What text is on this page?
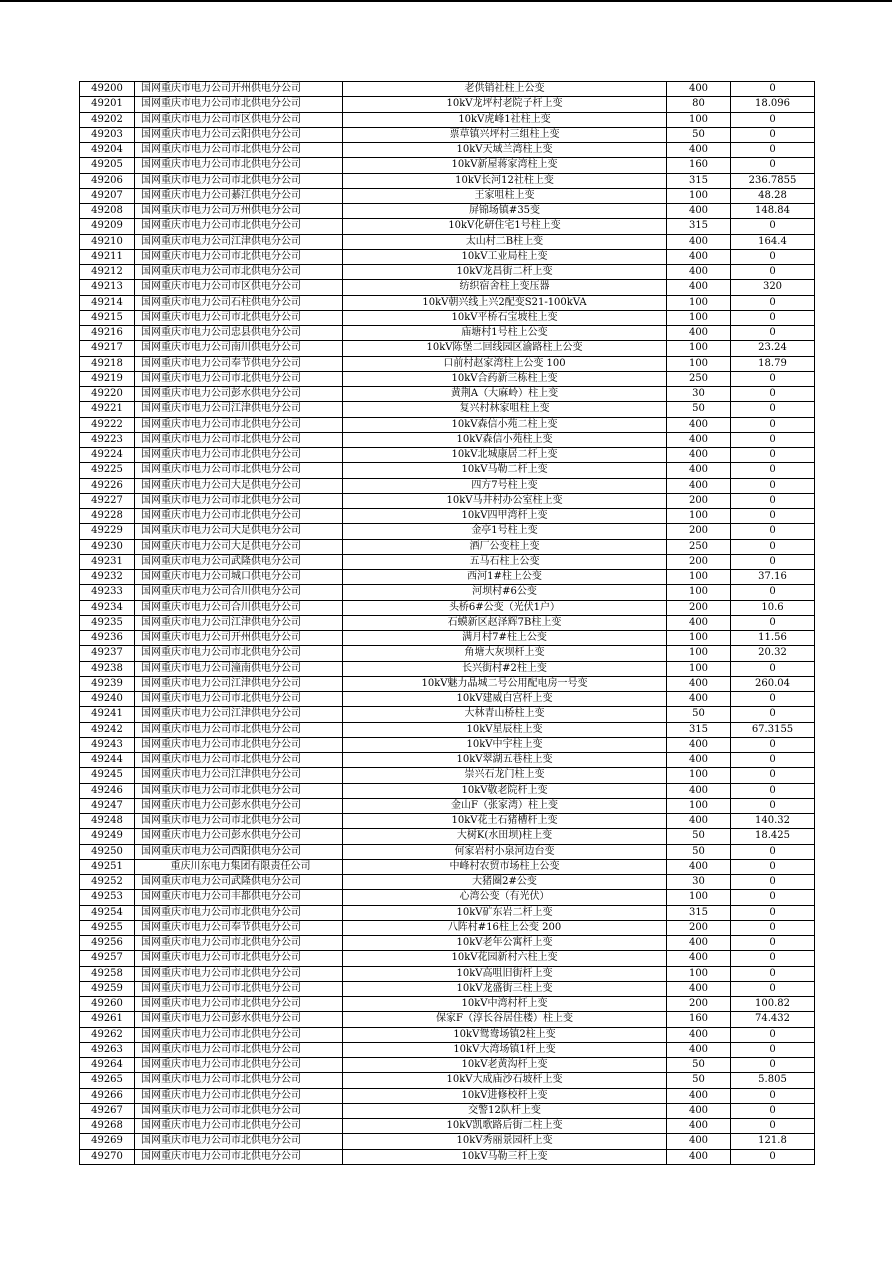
49200	国网重庆市电力公司开州供电分公司	老供销社柱上公变	400	0
49201	国网重庆市电力公司市北供电分公司	10kV龙坪村老院子杆上变	80	18.096
49202	国网重庆市电力公司市区供电分公司	10kV虎峰1社柱上变	100	0
49203	国网重庆市电力公司云阳供电分公司	票草镇兴坪村三组柱上变	50	0
49204	国网重庆市电力公司市北供电分公司	10kV天域兰湾柱上变	400	0
49205	国网重庆市电力公司市北供电分公司	10kV新屋蒋家湾柱上变	160	0
49206	国网重庆市电力公司市北供电分公司	10kV长河12社柱上变	315	236.7855
49207	国网重庆市电力公司綦江供电分公司	王家咀柱上变	100	48.28
49208	国网重庆市电力公司万州供电分公司	屏锦场镇#35变	400	148.84
49209	国网重庆市电力公司市北供电分公司	10kV化研住宅1号柱上变	315	0
49210	国网重庆市电力公司江津供电分公司	太山村二B柱上变	400	164.4
49211	国网重庆市电力公司市北供电分公司	10kV工业局柱上变	400	0
49212	国网重庆市电力公司市北供电分公司	10kV龙昌街二杆上变	400	0
49213	国网重庆市电力公司市区供电分公司	纺织宿舍柱上变压器	400	320
49214	国网重庆市电力公司石柱供电分公司	10kV朝兴线上兴2配变S21-100kVA	100	0
49215	国网重庆市电力公司市北供电分公司	10kV平桥石宝坡柱上变	100	0
49216	国网重庆市电力公司忠县供电分公司	庙塘村1号柱上公变	400	0
49217	国网重庆市电力公司南川供电分公司	10kV陈堡二回线园区渝路柱上公变	100	23.24
49218	国网重庆市电力公司奉节供电分公司	口前村赵家湾柱上公变 100	100	18.79
49219	国网重庆市电力公司市北供电分公司	10kV合药新三栋柱上变	250	0
49220	国网重庆市电力公司彭水供电分公司	黄荆A（大麻岭）柱上变	30	0
49221	国网重庆市电力公司江津供电分公司	复兴村林家咀柱上变	50	0
49222	国网重庆市电力公司市北供电分公司	10kV森信小苑二柱上变	400	0
49223	国网重庆市电力公司市北供电分公司	10kV森信小苑柱上变	400	0
49224	国网重庆市电力公司市北供电分公司	10kV北城康居二杆上变	400	0
49225	国网重庆市电力公司市北供电分公司	10kV马勒二杆上变	400	0
49226	国网重庆市电力公司大足供电分公司	四方7号柱上变	400	0
49227	国网重庆市电力公司市北供电分公司	10kV马井村办公室柱上变	200	0
49228	国网重庆市电力公司市北供电分公司	10kV四甲湾杆上变	100	0
49229	国网重庆市电力公司大足供电分公司	金亭1号柱上变	200	0
49230	国网重庆市电力公司大足供电分公司	酒厂公变柱上变	250	0
49231	国网重庆市电力公司武隆供电分公司	五马石柱上公变	200	0
49232	国网重庆市电力公司城口供电分公司	西河1#柱上公变	100	37.16
49233	国网重庆市电力公司合川供电分公司	河坝村#6公变	100	0
49234	国网重庆市电力公司合川供电分公司	头桥6#公变（光伏1户）	200	10.6
49235	国网重庆市电力公司江津供电分公司	石蟆新区赵泽辉7B柱上变	400	0
49236	国网重庆市电力公司开州供电分公司	满月村7#柱上公变	100	11.56
49237	国网重庆市电力公司市北供电分公司	角塘大灰坝杆上变	100	20.32
49238	国网重庆市电力公司潼南供电分公司	长兴街村#2柱上变	100	0
49239	国网重庆市电力公司江津供电分公司	10kV魅力晶城二号公用配电房一号变	400	260.04
49240	国网重庆市电力公司市北供电分公司	10kV建威白宫杆上变	400	0
49241	国网重庆市电力公司江津供电分公司	大林青山桥柱上变	50	0
49242	国网重庆市电力公司市北供电分公司	10kV星辰柱上变	315	67.3155
49243	国网重庆市电力公司市北供电分公司	10kV中宇柱上变	400	0
49244	国网重庆市电力公司市北供电分公司	10kV翠湖五巷柱上变	400	0
49245	国网重庆市电力公司江津供电分公司	崇兴石龙门柱上变	100	0
49246	国网重庆市电力公司市北供电分公司	10kV敬老院杆上变	400	0
49247	国网重庆市电力公司彭水供电分公司	金山F（张家湾）柱上变	100	0
49248	国网重庆市电力公司市北供电分公司	10kV花土石猪槽杆上变	400	140.32
49249	国网重庆市电力公司彭水供电分公司	大树K(水田坝)柱上变	50	18.425
49250	国网重庆市电力公司酉阳供电分公司	何家岩村小泉河边台变	50	0
49251	重庆川东电力集团有限责任公司	中峰村农贸市场柱上公变	400	0
49252	国网重庆市电力公司武隆供电分公司	大猪圈2#公变	30	0
49253	国网重庆市电力公司丰都供电分公司	心湾公变（有光伏）	100	0
49254	国网重庆市电力公司市北供电分公司	10kV矿东岩二杆上变	315	0
49255	国网重庆市电力公司奉节供电分公司	八阵村#16柱上公变 200	200	0
49256	国网重庆市电力公司市北供电分公司	10kV老年公寓杆上变	400	0
49257	国网重庆市电力公司市北供电分公司	10kV花园新村六柱上变	400	0
49258	国网重庆市电力公司市北供电分公司	10kV高咀旧街杆上变	100	0
49259	国网重庆市电力公司市北供电分公司	10kV龙盛街三柱上变	400	0
49260	国网重庆市电力公司市北供电分公司	10kV中湾村杆上变	200	100.82
49261	国网重庆市电力公司彭水供电分公司	保家F（淳长谷居住楼）柱上变	160	74.432
49262	国网重庆市电力公司市北供电分公司	10kV鸳鸯场镇2柱上变	400	0
49263	国网重庆市电力公司市北供电分公司	10kV大湾场镇1杆上变	400	0
49264	国网重庆市电力公司市北供电分公司	10kV老黄沟杆上变	50	0
49265	国网重庆市电力公司市北供电分公司	10kV大成庙沙石坡杆上变	50	5.805
49266	国网重庆市电力公司市北供电分公司	10kV进修校杆上变	400	0
49267	国网重庆市电力公司市北供电分公司	交警12队杆上变	400	0
49268	国网重庆市电力公司市北供电分公司	10kV凯歌路后街二柱上变	400	0
49269	国网重庆市电力公司市北供电分公司	10kV秀丽景园杆上变	400	121.8
49270	国网重庆市电力公司市北供电分公司	10kV马勒三杆上变	400	0
